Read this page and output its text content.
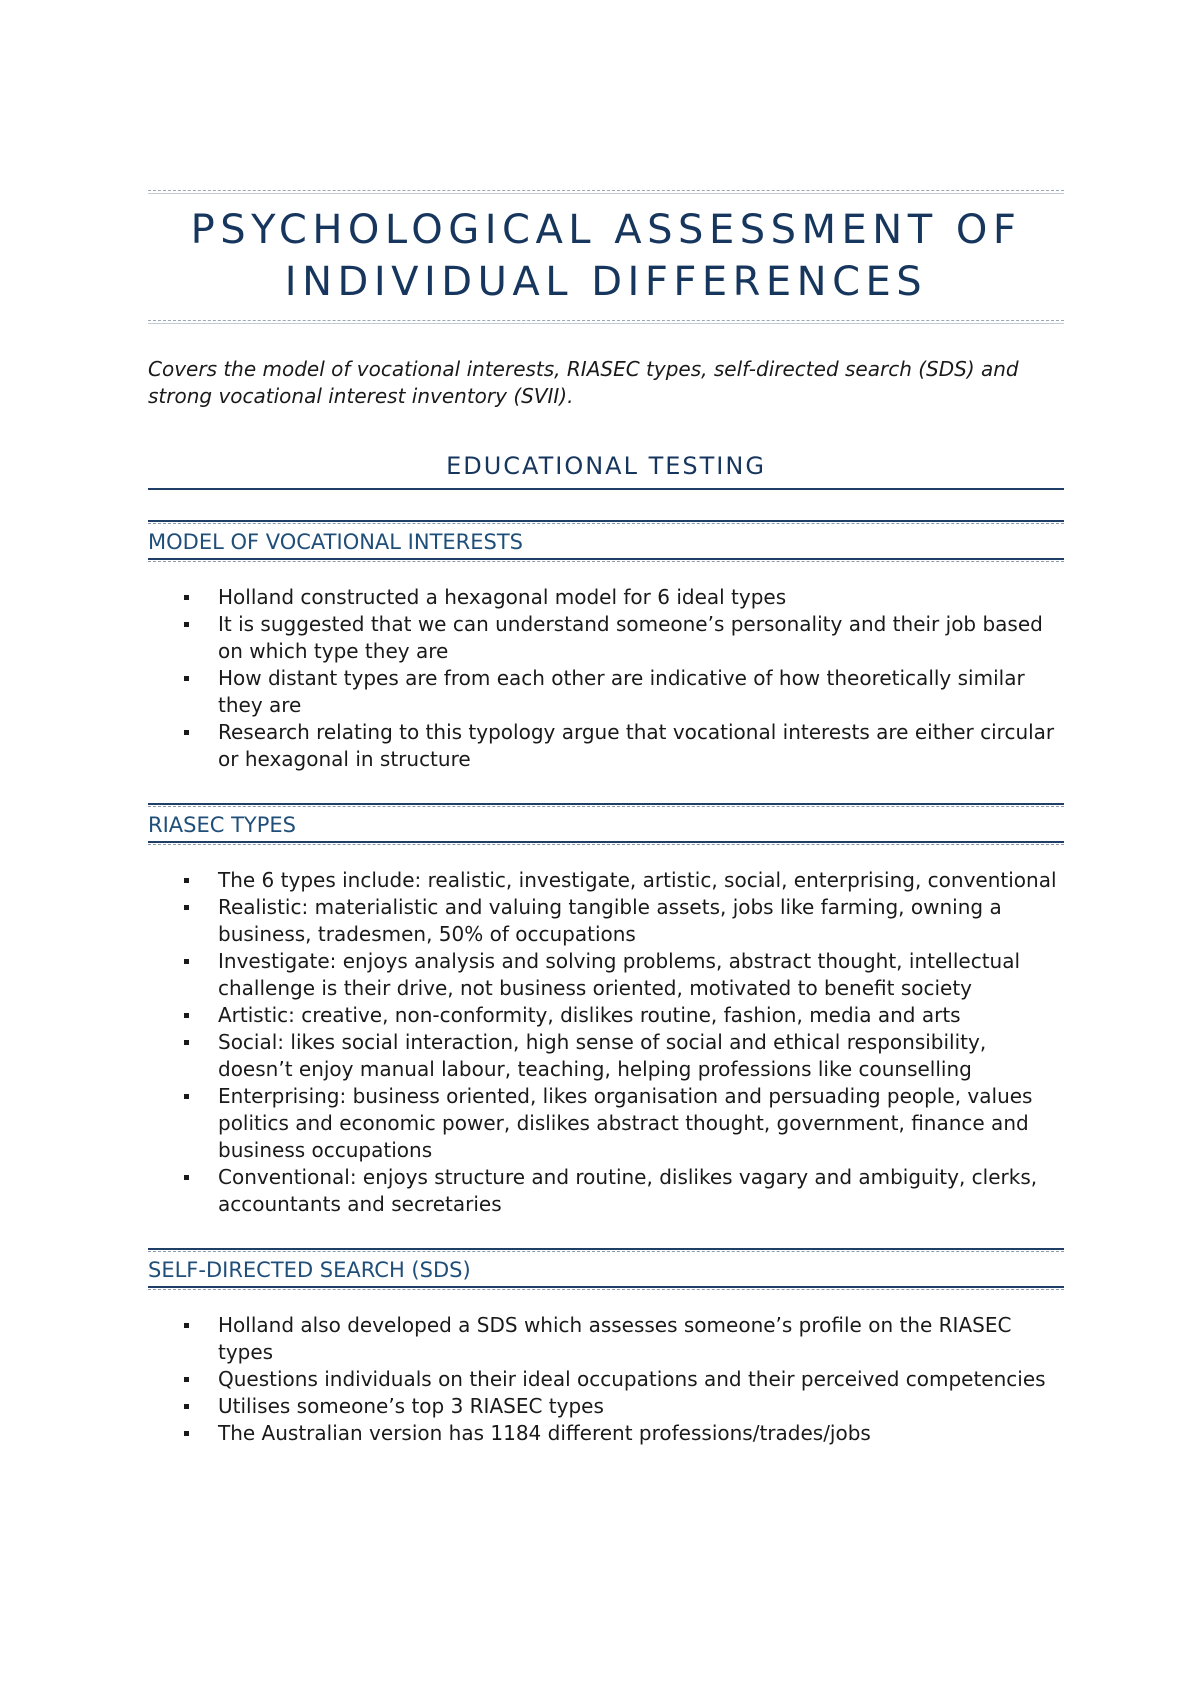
PSYCHOLOGICAL ASSESSMENT OF INDIVIDUAL DIFFERENCES

Covers the model of vocational interests, RIASEC types, self-directed search (SDS) and strong vocational interest inventory (SVII).

EDUCATIONAL TESTING
MODEL OF VOCATIONAL INTERESTS
Holland constructed a hexagonal model for 6 ideal types
It is suggested that we can understand someone’s personality and their job based on which type they are
How distant types are from each other are indicative of how theoretically similar they are
Research relating to this typology argue that vocational interests are either circular or hexagonal in structure
RIASEC TYPES
The 6 types include: realistic, investigate, artistic, social, enterprising, conventional
Realistic: materialistic and valuing tangible assets, jobs like farming, owning a business, tradesmen, 50% of occupations
Investigate: enjoys analysis and solving problems, abstract thought, intellectual challenge is their drive, not business oriented, motivated to benefit society
Artistic: creative, non-conformity, dislikes routine, fashion, media and arts
Social: likes social interaction, high sense of social and ethical responsibility, doesn’t enjoy manual labour, teaching, helping professions like counselling
Enterprising: business oriented, likes organisation and persuading people, values politics and economic power, dislikes abstract thought, government, finance and business occupations
Conventional: enjoys structure and routine, dislikes vagary and ambiguity, clerks, accountants and secretaries
SELF-DIRECTED SEARCH (SDS)
Holland also developed a SDS which assesses someone’s profile on the RIASEC types
Questions individuals on their ideal occupations and their perceived competencies
Utilises someone’s top 3 RIASEC types
The Australian version has 1184 different professions/trades/jobs
